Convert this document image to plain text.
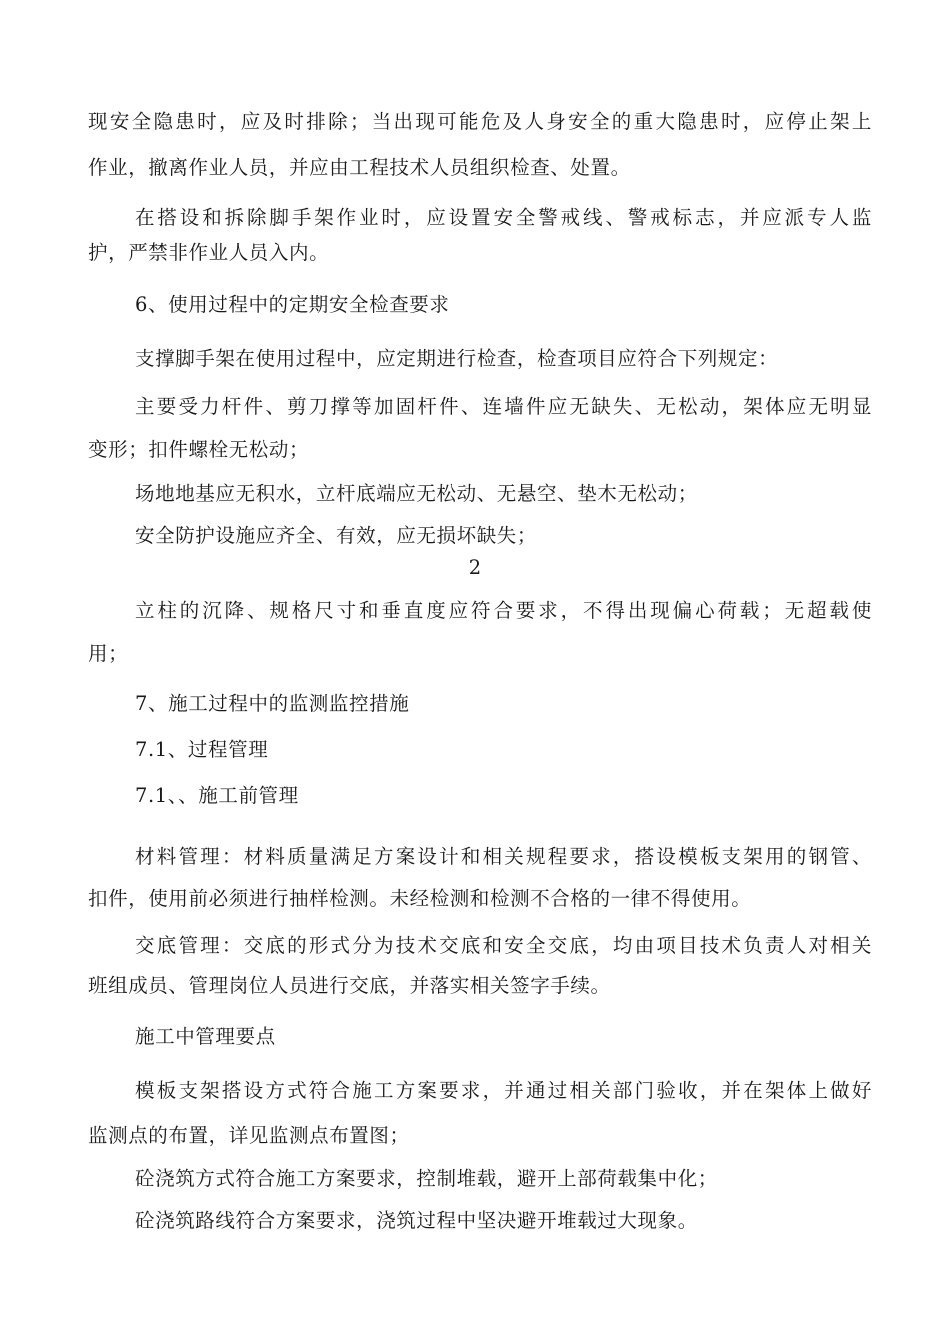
现安全隐患时，应及时排除；当出现可能危及人身安全的重大隐患时，应停止架上
作业，撤离作业人员，并应由工程技术人员组织检查、处置。
在搭设和拆除脚手架作业时，应设置安全警戒线、警戒标志，并应派专人监
护，严禁非作业人员入内。
6、使用过程中的定期安全检查要求
支撑脚手架在使用过程中，应定期进行检查，检查项目应符合下列规定：
主要受力杆件、剪刀撑等加固杆件、连墙件应无缺失、无松动，架体应无明显
变形；扣件螺栓无松动；
场地地基应无积水，立杆底端应无松动、无悬空、垫木无松动；
安全防护设施应齐全、有效，应无损坏缺失；
2
立柱的沉降、规格尺寸和垂直度应符合要求，不得出现偏心荷载；无超载使
用；
7、施工过程中的监测监控措施
7.1、过程管理
7.1、、施工前管理
材料管理：材料质量满足方案设计和相关规程要求，搭设模板支架用的钢管、
扣件，使用前必须进行抽样检测。未经检测和检测不合格的一律不得使用。
交底管理：交底的形式分为技术交底和安全交底，均由项目技术负责人对相关
班组成员、管理岗位人员进行交底，并落实相关签字手续。
施工中管理要点
模板支架搭设方式符合施工方案要求，并通过相关部门验收，并在架体上做好
监测点的布置，详见监测点布置图；
砼浇筑方式符合施工方案要求，控制堆载，避开上部荷载集中化；
砼浇筑路线符合方案要求，浇筑过程中坚决避开堆载过大现象。
